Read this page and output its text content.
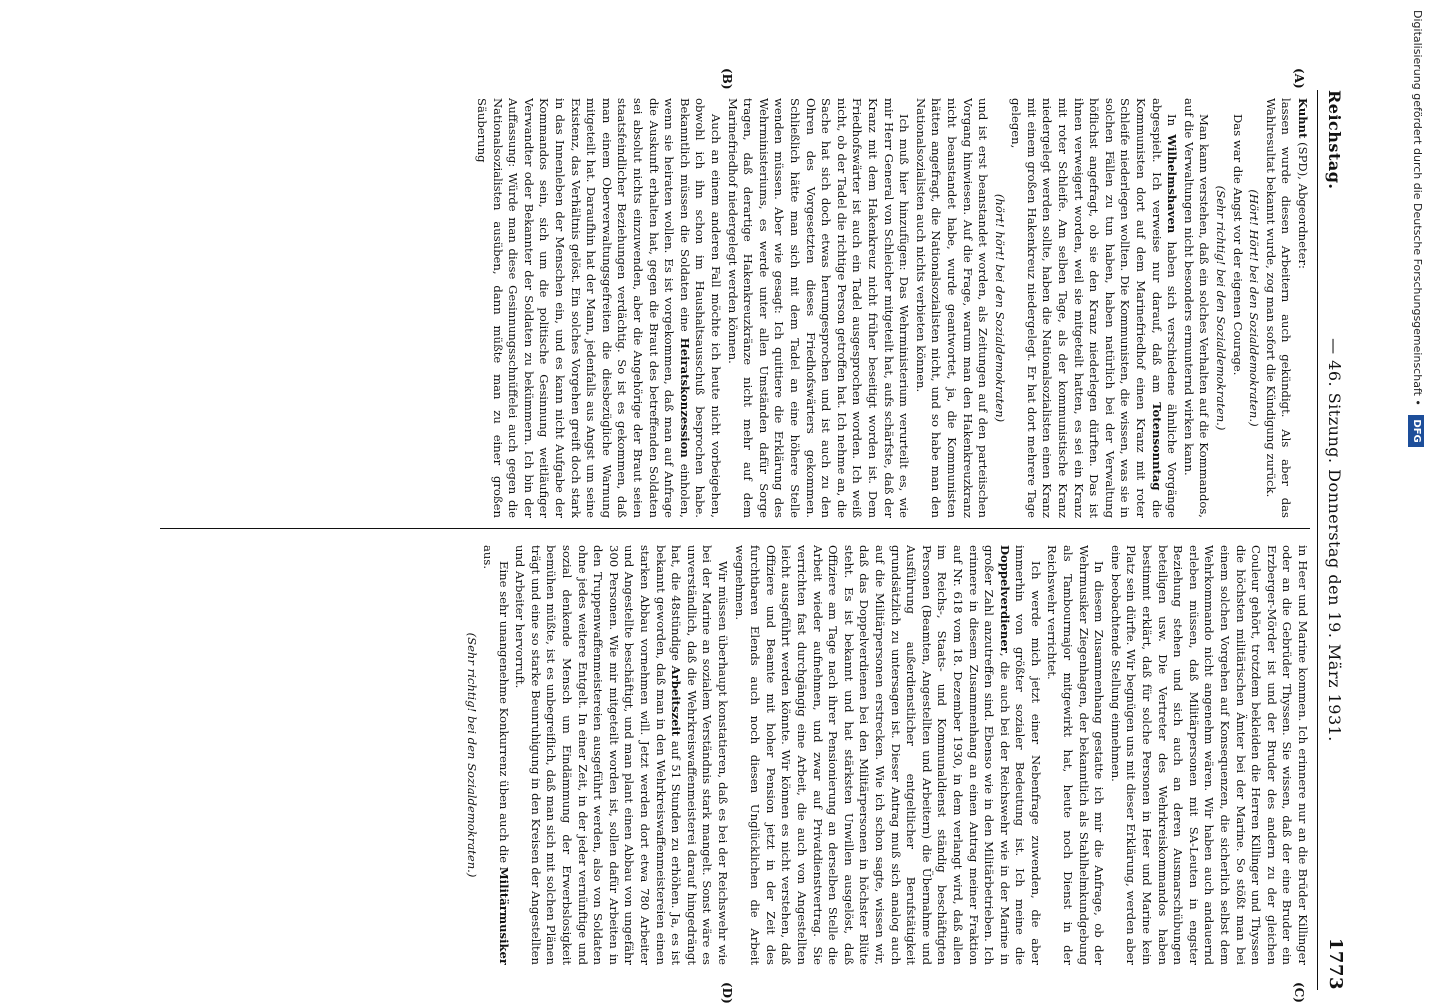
Reichstag.
— 46. Sitzung. Donnerstag den 19. März 1931.
1773
(A)
(B)
(C)
(D)

Kuhnt (SPD), Abgeordneter:

lassen wurde diesen Arbeitern auch gekündigt. Als aber das Wahlresultat bekannt wurde, zog man sofort die Kündigung zurück.

(Hört! Hört! bei den Sozialdemokraten.)

Das war die Angst vor der eigenen Courage.

(Sehr richtig! bei den Sozialdemokraten.)

Man kann verstehen, daß ein solches Verhalten auf die Kommandos, auf die Verwaltungen nicht besonders ermunternd wirken kann.

In Wilhelmshaven haben sich verschiedene ähnliche Vorgänge abgespielt. Ich verweise nur darauf, daß am Totensonntag die Kommunisten dort auf dem Marinefriedhof einen Kranz mit roter Schleife niederlegen wollten. Die Kommunisten, die wissen, was sie in solchen Fällen zu tun haben, haben natürlich bei der Verwaltung höflichst angefragt, ob sie den Kranz niederlegen dürften. Das ist ihnen verweigert worden, weil sie mitgeteilt hatten, es sei ein Kranz mit roter Schleife. Am selben Tage, als der kommunistische Kranz niedergelegt werden sollte, haben die Nationalsozialisten einen Kranz mit einem großen Hakenkreuz niedergelegt. Er hat dort mehrere Tage gelegen,

(hört! hört! bei den Sozialdemokraten)

und ist erst beanstandet worden, als Zeitungen auf den parteiischen Vorgang hinwiesen. Auf die Frage, warum man den Hakenkreuzkranz nicht beanstandet habe, wurde geantwortet, ja, die Kommunisten hätten angefragt, die Nationalsozialisten nicht, und so habe man den Nationalsozialisten auch nichts verbieten können.

Ich muß hier hinzufügen: Das Wehrministerium verurteilt es, wie mir Herr General von Schleicher mitgeteilt hat, aufs schärfste, daß der Kranz mit dem Hakenkreuz nicht früher beseitigt worden ist. Dem Friedhofswärter ist auch ein Tadel ausgesprochen worden. Ich weiß nicht, ob der Tadel die richtige Person getroffen hat. Ich nehme an, die Sache hat sich doch etwas herumgesprochen und ist auch zu den Ohren des Vorgesetzten dieses Friedhofswärters gekommen. Schließlich hätte man sich mit dem Tadel an eine höhere Stelle wenden müssen. Aber wie gesagt: Ich quittiere die Erklärung des Wehrministeriums, es werde unter allen Umständen dafür Sorge tragen, daß derartige Hakenkreuzkränze nicht mehr auf dem Marinefriedhof niedergelegt werden können.

Auch an einem anderen Fall möchte ich heute nicht vorbeigehen, obwohl ich ihn schon im Haushaltsausschuß besprochen habe. Bekanntlich müssen die Soldaten eine Heiratskonzession einholen, wenn sie heiraten wollen. Es ist vorgekommen, daß man auf Anfrage die Auskunft erhalten hat, gegen die Braut des betreffenden Soldaten sei absolut nichts einzuwenden, aber die Angehörige der Braut seien staatsfeindlicher Beziehungen verdächtig. So ist es gekommen, daß man einem Oberverwaltungsgefreiten die diesbezügliche Warnung mitgeteilt hat. Daraufhin hat der Mann, jedenfalls aus Angst um seine Existenz, das Verhältnis gelöst. Ein solches Vorgehen greift doch stark in das Innenleben der Menschen ein, und es kann nicht Aufgabe der Kommandos sein, sich um die politische Gesinnung weitläufiger Verwandter oder Bekannter der Soldaten zu bekümmern. Ich bin der Auffassung: Würde man diese Gesinnungsschnüffelei auch gegen die Nationalsozialisten ausüben, dann müßte man zu einer großen Säuberung

in Heer und Marine kommen. Ich erinnere nur an die Brüder Killinger oder an die Gebrüder Thyssen. Sie wissen, daß der eine Bruder ein Erzberger-Mörder ist und der Bruder des andern zu der gleichen Couleur gehört, trotzdem bekleiden die Herren Killinger und Thyssen die höchsten militärischen Ämter bei der Marine. So stößt man bei einem solchen Vorgehen auf Konsequenzen, die sicherlich selbst dem Wehrkommando nicht angenehm wären. Wir haben auch andauernd erleben müssen, daß Militärpersonen mit SA-Leuten in engster Beziehung stehen und sich auch an deren Ausmarschübungen beteiligen usw. Die Vertreter des Wehrkreiskommandos haben bestimmt erklärt, daß für solche Personen in Heer und Marine kein Platz sein dürfte. Wir begnügen uns mit dieser Erklärung, werden aber eine beobachtende Stellung einnehmen.

In diesem Zusammenhang gestatte ich mir die Anfrage, ob der Wehrmusiker Ziegenhagen, der bekanntlich als Stahlhelmkundgebung als Tambourmajor mitgewirkt hat, heute noch Dienst in der Reichswehr verrichtet.

Ich werde mich jetzt einer Nebenfrage zuwenden, die aber immerhin von größter sozialer Bedeutung ist. Ich meine die Doppelverdiener, die auch bei der Reichswehr wie in der Marine in großer Zahl anzutreffen sind. Ebenso wie in den Militärbetrieben. Ich erinnere in diesem Zusammenhang an einen Antrag meiner Fraktion auf Nr. 618 vom 18. Dezember 1930, in dem verlangt wird, daß allen im Reichs-, Staats- und Kommunaldienst ständig beschäftigten Personen (Beamten, Angestellten und Arbeitern) die Übernahme und Ausführung außerdienstlicher entgeltlicher Berufstätigkeit grundsätzlich zu untersagen ist. Dieser Antrag muß sich analog auch auf die Militärpersonen erstrecken. Wie ich schon sagte, wissen wir, daß das Doppelverdienen bei den Militärpersonen in höchster Blüte steht. Es ist bekannt und hat stärksten Unwillen ausgelöst, daß Offiziere am Tage nach ihrer Pensionierung an derselben Stelle die Arbeit wieder aufnehmen, und zwar auf Privatdienstvertrag. Sie verrichten fast durchgängig eine Arbeit, die auch von Angestellten leicht ausgeführt werden könnte. Wir können es nicht verstehen, daß Offiziere und Beamte mit hoher Pension jetzt in der Zeit des furchtbaren Elends auch noch diesen Unglücklichen die Arbeit wegnehmen.

Wir müssen überhaupt konstatieren, daß es bei der Reichswehr wie bei der Marine an sozialem Verständnis stark mangelt. Sonst wäre es unverständlich, daß die Wehrkreiswaffenmeisterei darauf hingedrängt hat, die 48stündige Arbeitszeit auf 51 Stunden zu erhöhen. Ja, es ist bekannt geworden, daß man in den Wehrkreiswaffenmeistereien einen starken Abbau vornehmen will. Jetzt werden dort etwa 780 Arbeiter und Angestellte beschäftigt, und man plant einen Abbau von ungefähr 300 Personen. Wie mir mitgeteilt worden ist, sollen dafür Arbeiten in den Truppenwaffenmeistereien ausgeführt werden, also von Soldaten ohne jedes weitere Entgelt. In einer Zeit, in der jeder vernünftige und sozial denkende Mensch um Eindämmung der Erwerbslosigkeit bemühen müßte, ist es unbegreiflich, daß man sich mit solchen Plänen trägt und eine so starke Beunruhigung in den Kreisen der Angestellten und Arbeiter hervorruft.

Eine sehr unangenehme Konkurrenz üben auch die Militärmusiker aus.

(Sehr richtig! bei den Sozialdemokraten.)

Digitalisierung gefördert durch die Deutsche Forschungsgemeinschaft • DFG
